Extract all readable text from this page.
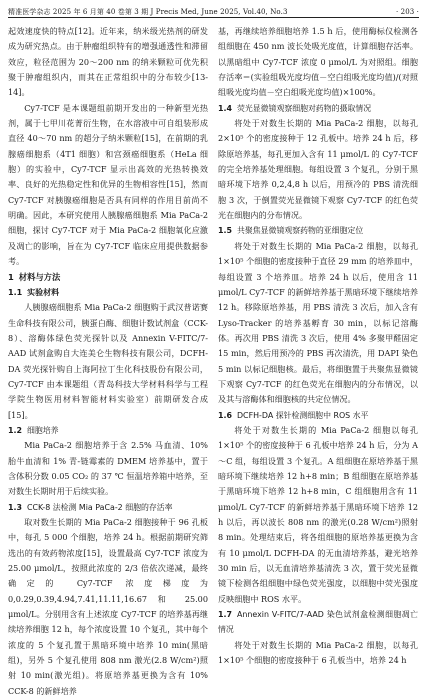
精准医学杂志 2025 年 6 月第 40 卷第 3 期 J Precis Med, June 2025, Vol.40, No.3	· 203 ·

起效速度快的特点[12]。近年来，纳米级光热剂的研发成为研究热点。由于肿瘤组织特有的增强通透性和滞留效应，粒径范围为 20～200 nm 的纳米颗粒可优先积聚于肿瘤组织内，而其在正常组织中的分布较少[13-14]。

Cy7-TCF 是本课题组前期开发出的一种新型光热剂，属于七甲川花菁衍生物，在水溶液中可自组装形成直径 40～70 nm 的超分子纳米颗粒[15]，在前期的乳腺癌细胞系（4T1 细胞）和宫颈癌细胞系（HeLa 细胞）的实验中，Cy7-TCF 显示出高效的光热转换效率、良好的光热稳定性和优异的生物相容性[15]，然而 Cy7-TCF 对胰腺癌细胞是否具有同样的作用目前尚不明确。因此，本研究使用人胰腺癌细胞系 Mia PaCa-2 细胞，探讨 Cy7-TCF 对于 Mia PaCa-2 细胞氧化应激及凋亡的影响，旨在为 Cy7-TCF 临床应用提供数据参考。

1 材料与方法
1.1 实验材料

人胰腺癌细胞系 Mia PaCa-2 细胞购于武汉普诺赛生命科技有限公司，胰蛋白酶、细胞计数试剂盒（CCK-8）、溶酶体绿色荧光探针以及 Annexin V-FITC/7-AAD 试剂盒购自大连美仑生物科技有限公司，DCFH-DA 荧光探针购自上海阿拉丁生化科技股份有限公司，Cy7-TCF 由本课题组（青岛科技大学材料科学与工程学院生物医用材料智能材料实验室）前期研发合成[15]。

1.2 细胞培养

Mia PaCa-2 细胞培养于含 2.5% 马血清、10% 胎牛血清和 1% 青-链霉素的 DMEM 培养基中，置于含体积分数 0.05 CO₂ 的 37 ℃ 恒温培养箱中培养，至对数生长期时用于后续实验。

1.3 CCK-8 法检测 Mia PaCa-2 细胞的存活率

取对数生长期的 Mia PaCa-2 细胞接种于 96 孔板中，每孔 5 000 个细胞，培养 24 h。根据前期研究筛选出的有效药物浓度[15]，设置最高 Cy7-TCF 浓度为 25.00 μmol/L，按照此浓度的 2/3 倍依次递减，最终确定的 Cy7-TCF 浓度梯度为 0,0.29,0.39,4.94,7.41,11.11,16.67 和 25.00 μmol/L。分别用含有上述浓度 Cy7-TCF 的培养基再继续培养细胞 12 h，每个浓度设置 10 个复孔，其中每个浓度的 5 个复孔置于黑暗环境中培养 10 min(黑暗组)，另外 5 个复孔使用 808 nm 激光(2.8 W/cm²)照射 10 min(激光组)。将原培养基更换为含有 10% CCK-8 的新鲜培养

基，再继续培养细胞培养 1.5 h 后，使用酶标仪检测各组细胞在 450 nm 波长处吸光度值，计算细胞存活率。以黑暗组中 Cy7-TCF 浓度 0 μmol/L 为对照组。细胞存活率＝(实验组吸光度均值－空白组吸光度均值)/(对照组吸光度均值－空白组吸光度均值)×100%。

1.4 荧光显微镜观察细胞对药物的摄取情况

将处于对数生长期的 Mia PaCa-2 细胞，以每孔 2×10⁵ 个的密度接种于 12 孔板中。培养 24 h 后，移除原培养基，每孔更加入含有 11 μmol/L 的 Cy7-TCF 的完全培养基处理细胞。每组设置 3 个复孔，分别于黑暗环境下培养 0,2,4,8 h 以后，用预冷的 PBS 清洗细胞 3 次，于倒置荧光显微镜下观察 Cy7-TCF 的红色荧光在细胞内的分布情况。

1.5 共聚焦显微镜观察药物的亚细胞定位

将处于对数生长期的 Mia PaCa-2 细胞，以每孔 1×10⁵ 个细胞的密度接种于直径 29 mm 的培养皿中，每组设置 3 个培养皿。培养 24 h 以后，使用含 11 μmol/L Cy7-TCF 的新鲜培养基于黑暗环境下继续培养 12 h。移除原培养基，用 PBS 清洗 3 次后，加入含有 Lyso-Tracker 的培养基孵育 30 min，以标记溶酶体。再次用 PBS 清洗 3 次后，使用 4% 多聚甲醛固定 15 min，然后用预冷的 PBS 再次清洗，用 DAPI 染色 5 min 以标记细胞核。最后，将细胞置于共聚焦显微镜下观察 Cy7-TCF 的红色荧光在细胞内的分布情况，以及其与溶酶体和细胞核的共定位情况。

1.6 DCFH-DA 探针检测细胞中 ROS 水平

将处于对数生长期的 Mia PaCa-2 细胞以每孔 1×10⁵ 个的密度接种于 6 孔板中培养 24 h 后，分为 A～C 组，每组设置 3 个复孔。A 组细胞在原培养基于黑暗环境下继续培养 12 h+8 min；B 组细胞在原培养基于黑暗环境下培养 12 h+8 min，C 组细胞用含有 11 μmol/L Cy7-TCF 的新鲜培养基于黑暗环境下培养 12 h 以后，再以波长 808 nm 的激光(0.28 W/cm²)照射 8 min。处理结束后，将各组细胞的原培养基更换为含有 10 μmol/L DCFH-DA 的无血清培养基，避光培养 30 min 后，以无血清培养基清洗 3 次，置于荧光显微镜下检测各组细胞中绿色荧光强度，以细胞中荧光强度反映细胞中 ROS 水平。

1.7 Annexin V-FITC/7-AAD 染色试剂盒检测细胞凋亡情况

将处于对数生长期的 Mia PaCa-2 细胞，以每孔 1×10⁵ 个细胞的密度接种于 6 孔板当中，培养 24 h
